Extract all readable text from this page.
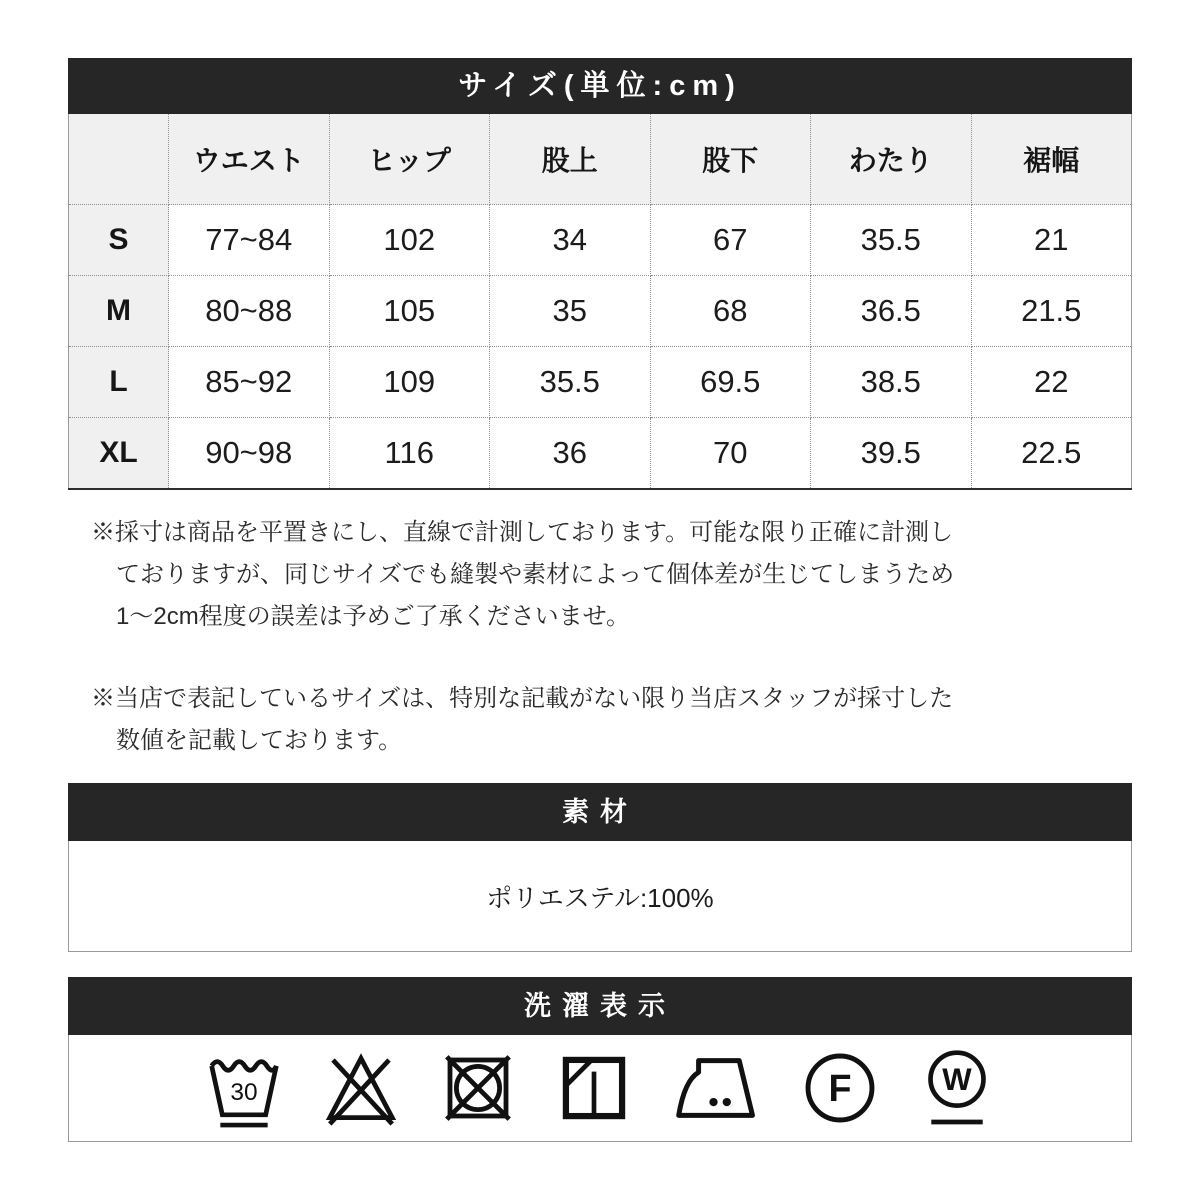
サイズ(単位:cm)
	ウエスト	ヒップ	股上	股下	わたり	裾幅
S	77~84	102	34	67	35.5	21
M	80~88	105	35	68	36.5	21.5
L	85~92	109	35.5	69.5	38.5	22
XL	90~98	116	36	70	39.5	22.5

※採寸は商品を平置きにし、直線で計測しております。可能な限り正確に計測し

ておりますが、同じサイズでも縫製や素材によって個体差が生じてしまうため

1〜2cm程度の誤差は予めご了承くださいませ。

※当店で表記しているサイズは、特別な記載がない限り当店スタッフが採寸した

数値を記載しております。

素材
ポリエステル:100%
洗濯表示
30	F W
